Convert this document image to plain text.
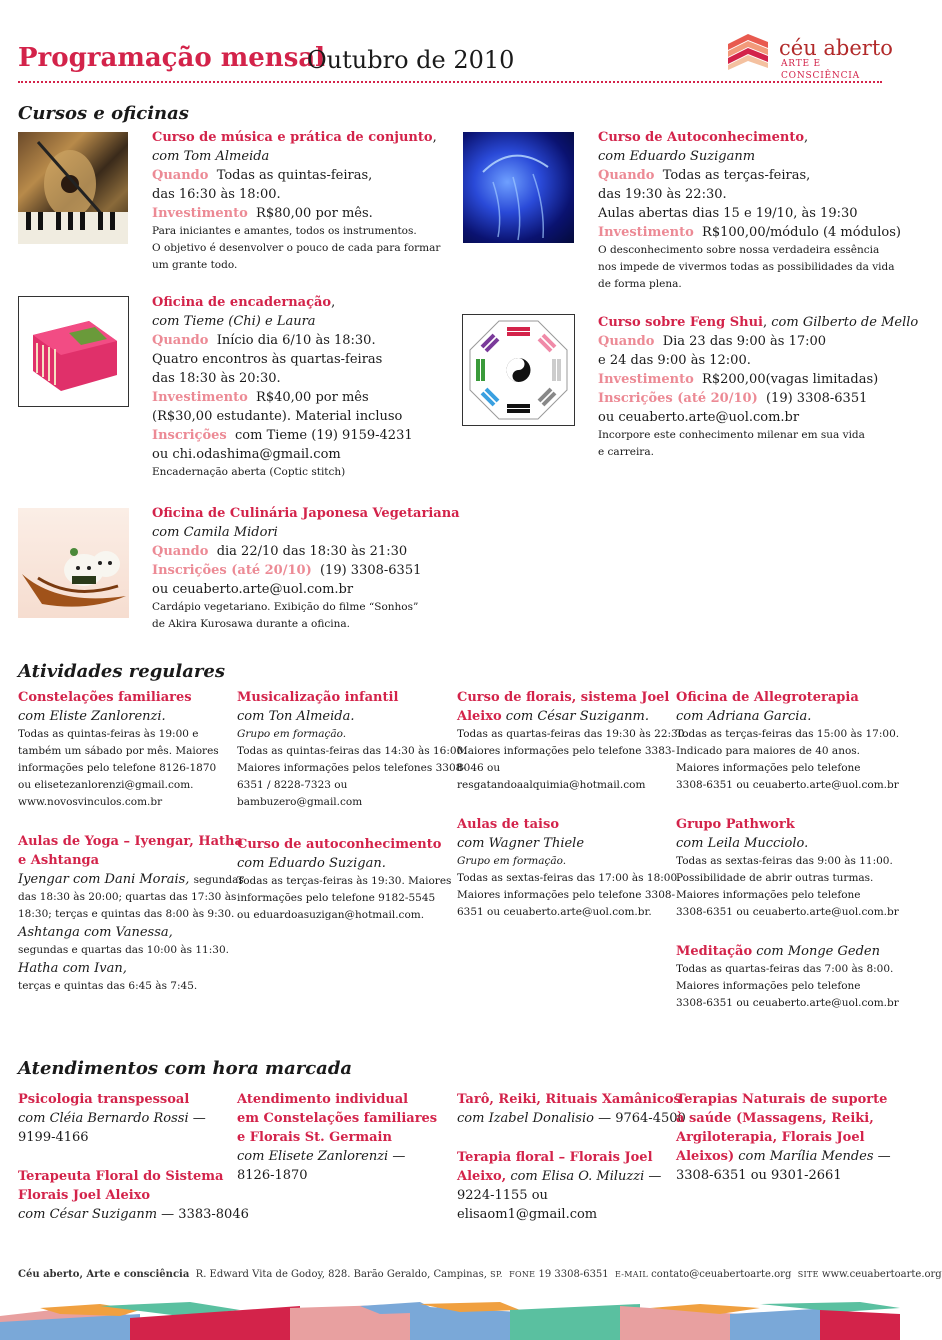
Programação mensal
Outubro de 2010	céu aberto
ARTE E CONSCIÊNCIA
Cursos e oficinas

Curso de música e prática de conjunto,

com Tom Almeida

Quando Todas as quintas-feiras,

das 16:30 às 18:00.

Investimento R$80,00 por mês.

Para iniciantes e amantes, todos os instrumentos.

O objetivo é desenvolver o pouco de cada para formar

um grante todo.

Oficina de encadernação,

com Tieme (Chi) e Laura

Quando Início dia 6/10 às 18:30.

Quatro encontros às quartas-feiras

das 18:30 às 20:30.

Investimento R$40,00 por mês

(R$30,00 estudante). Material incluso

Inscrições com Tieme (19) 9159-4231

ou chi.odashima@gmail.com

Encadernação aberta (Coptic stitch)

Oficina de Culinária Japonesa Vegetariana

com Camila Midori

Quando dia 22/10 das 18:30 às 21:30

Inscrições (até 20/10) (19) 3308-6351

ou ceuaberto.arte@uol.com.br

Cardápio vegetariano. Exibição do filme “Sonhos”

de Akira Kurosawa durante a oficina.

Curso de Autoconhecimento,

com Eduardo Suziganm

Quando Todas as terças-feiras,

das 19:30 às 22:30.

Aulas abertas dias 15 e 19/10, às 19:30

Investimento R$100,00/módulo (4 módulos)

O desconhecimento sobre nossa verdadeira essência

nos impede de vivermos todas as possibilidades da vida

de forma plena.

Curso sobre Feng Shui, com Gilberto de Mello

Quando Dia 23 das 9:00 às 17:00

e 24 das 9:00 às 12:00.

Investimento R$200,00(vagas limitadas)

Inscrições (até 20/10) (19) 3308-6351

ou ceuaberto.arte@uol.com.br

Incorpore este conhecimento milenar em sua vida

e carreira.

Atividades regulares

Constelações familiares

com Eliste Zanlorenzi.

Todas as quintas-feiras às 19:00 e

também um sábado por mês. Maiores

informações pelo telefone 8126-1870

ou elisetezanlorenzi@gmail.com.

www.novosvinculos.com.br

Aulas de Yoga – Iyengar, Hatha

e Ashtanga

Iyengar com Dani Morais, segundas

das 18:30 às 20:00; quartas das 17:30 às

18:30; terças e quintas das 8:00 às 9:30.

Ashtanga com Vanessa,

segundas e quartas das 10:00 às 11:30.

Hatha com Ivan,

terças e quintas das 6:45 às 7:45.

Musicalização infantil

com Ton Almeida.

Grupo em formação.

Todas as quintas-feiras das 14:30 às 16:00.

Maiores informações pelos telefones 3308-

6351 / 8228-7323 ou

bambuzero@gmail.com

Curso de autoconhecimento

com Eduardo Suzigan.

Todas as terças-feiras às 19:30. Maiores

informações pelo telefone 9182-5545

ou eduardoasuzigan@hotmail.com.

Curso de florais, sistema Joel

Aleixo com César Suziganm.

Todas as quartas-feiras das 19:30 às 22:30.

Maiores informações pelo telefone 3383-

8046 ou

resgatandoaalquimia@hotmail.com

Aulas de taiso

com Wagner Thiele

Grupo em formação.

Todas as sextas-feiras das 17:00 às 18:00.

Maiores informações pelo telefone 3308-

6351 ou ceuaberto.arte@uol.com.br.

Oficina de Allegroterapia

com Adriana Garcia.

Todas as terças-feiras das 15:00 às 17:00.

Indicado para maiores de 40 anos.

Maiores informações pelo telefone

3308-6351 ou ceuaberto.arte@uol.com.br

Grupo Pathwork

com Leila Mucciolo.

Todas as sextas-feiras das 9:00 às 11:00.

Possibilidade de abrir outras turmas.

Maiores informações pelo telefone

3308-6351 ou ceuaberto.arte@uol.com.br

Meditação com Monge Geden

Todas as quartas-feiras das 7:00 às 8:00.

Maiores informações pelo telefone

3308-6351 ou ceuaberto.arte@uol.com.br

Atendimentos com hora marcada

Psicologia transpessoal

com Cléia Bernardo Rossi —

9199-4166

Terapeuta Floral do Sistema

Florais Joel Aleixo

com César Suziganm — 3383-8046

Atendimento individual

em Constelações familiares

e Florais St. Germain

com Elisete Zanlorenzi —

8126-1870

Tarô, Reiki, Rituais Xamânicos

com Izabel Donalisio — 9764-4500

Terapia floral – Florais Joel

Aleixo, com Elisa O. Miluzzi —

9224-1155 ou

elisaom1@gmail.com

Terapias Naturais de suporte

à saúde (Massagens, Reiki,

Argiloterapia, Florais Joel

Aleixos) com Marília Mendes —

3308-6351 ou 9301-2661

Céu aberto, Arte e consciência R. Edward Vita de Godoy, 828. Barão Geraldo, Campinas, SP. FONE 19 3308-6351 E-MAIL contato@ceuabertoarte.org SITE www.ceuabertoarte.org
